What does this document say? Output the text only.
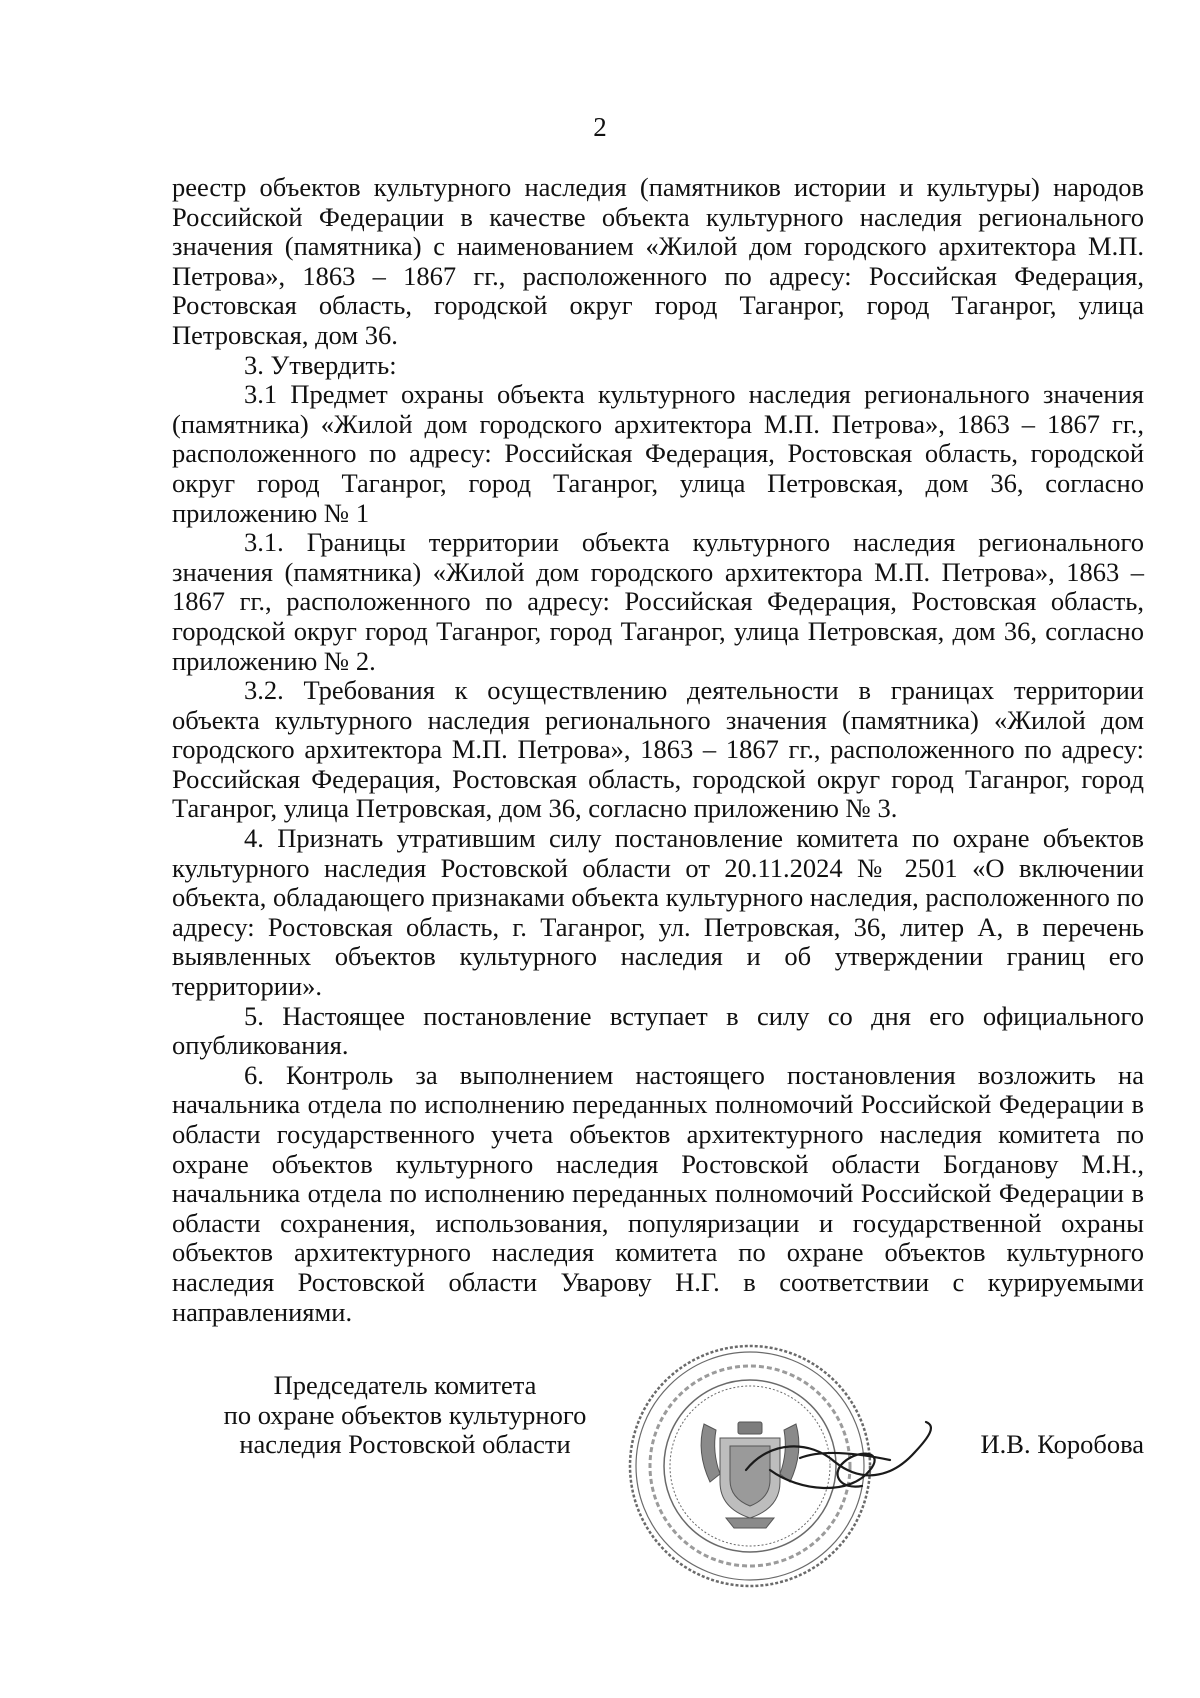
2

реестр объектов культурного наследия (памятников истории и культуры) народов Российской Федерации в качестве объекта культурного наследия регионального значения (памятника) с наименованием «Жилой дом городского архитектора М.П. Петрова», 1863 – 1867 гг., расположенного по адресу: Российская Федерация, Ростовская область, городской округ город Таганрог, город Таганрог, улица Петровская, дом 36.

3. Утвердить:

3.1 Предмет охраны объекта культурного наследия регионального значения (памятника) «Жилой дом городского архитектора М.П. Петрова», 1863 – 1867 гг., расположенного по адресу: Российская Федерация, Ростовская область, городской округ город Таганрог, город Таганрог, улица Петровская, дом 36, согласно приложению № 1

3.1. Границы территории объекта культурного наследия регионального значения (памятника) «Жилой дом городского архитектора М.П. Петрова», 1863 – 1867 гг., расположенного по адресу: Российская Федерация, Ростовская область, городской округ город Таганрог, город Таганрог, улица Петровская, дом 36, согласно приложению № 2.

3.2. Требования к осуществлению деятельности в границах территории объекта культурного наследия регионального значения (памятника) «Жилой дом городского архитектора М.П. Петрова», 1863 – 1867 гг., расположенного по адресу: Российская Федерация, Ростовская область, городской округ город Таганрог, город Таганрог, улица Петровская, дом 36, согласно приложению № 3.

4. Признать утратившим силу постановление комитета по охране объектов культурного наследия Ростовской области от 20.11.2024 № 2501 «О включении объекта, обладающего признаками объекта культурного наследия, расположенного по адресу: Ростовская область, г. Таганрог, ул. Петровская, 36, литер А, в перечень выявленных объектов культурного наследия и об утверждении границ его территории».

5. Настоящее постановление вступает в силу со дня его официального опубликования.

6. Контроль за выполнением настоящего постановления возложить на начальника отдела по исполнению переданных полномочий Российской Федерации в области государственного учета объектов архитектурного наследия комитета по охране объектов культурного наследия Ростовской области Богданову М.Н., начальника отдела по исполнению переданных полномочий Российской Федерации в области сохранения, использования, популяризации и государственной охраны объектов архитектурного наследия комитета по охране объектов культурного наследия Ростовской области Уварову Н.Г. в соответствии с курируемыми направлениями.

Председатель комитета
по охране объектов культурного
наследия Ростовской области	И.В. Коробова
